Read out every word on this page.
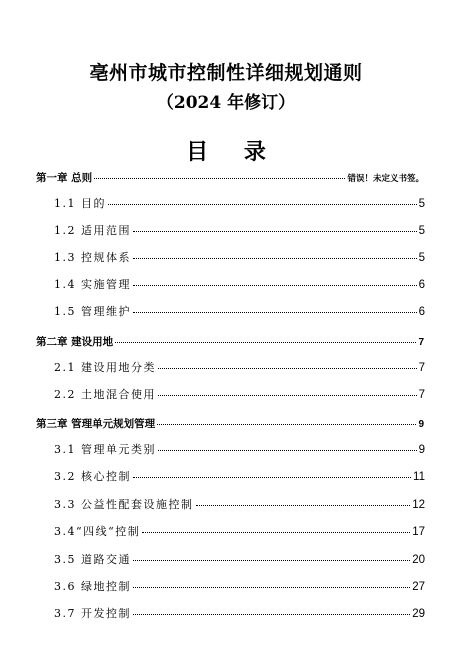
亳州市城市控制性详细规划通则
（2024 年修订）
目 录
第一章 总则	错误！未定义书签。
1.1 目的	5
1.2 适用范围	5
1.3 控规体系	5
1.4 实施管理	6
1.5 管理维护	6
第二章 建设用地	7
2.1 建设用地分类	7
2.2 土地混合使用	7
第三章 管理单元规划管理	9
3.1 管理单元类别	9
3.2 核心控制	11
3.3 公益性配套设施控制	12
3.4“四线“控制	17
3.5 道路交通	20
3.6 绿地控制	27
3.7 开发控制	29
